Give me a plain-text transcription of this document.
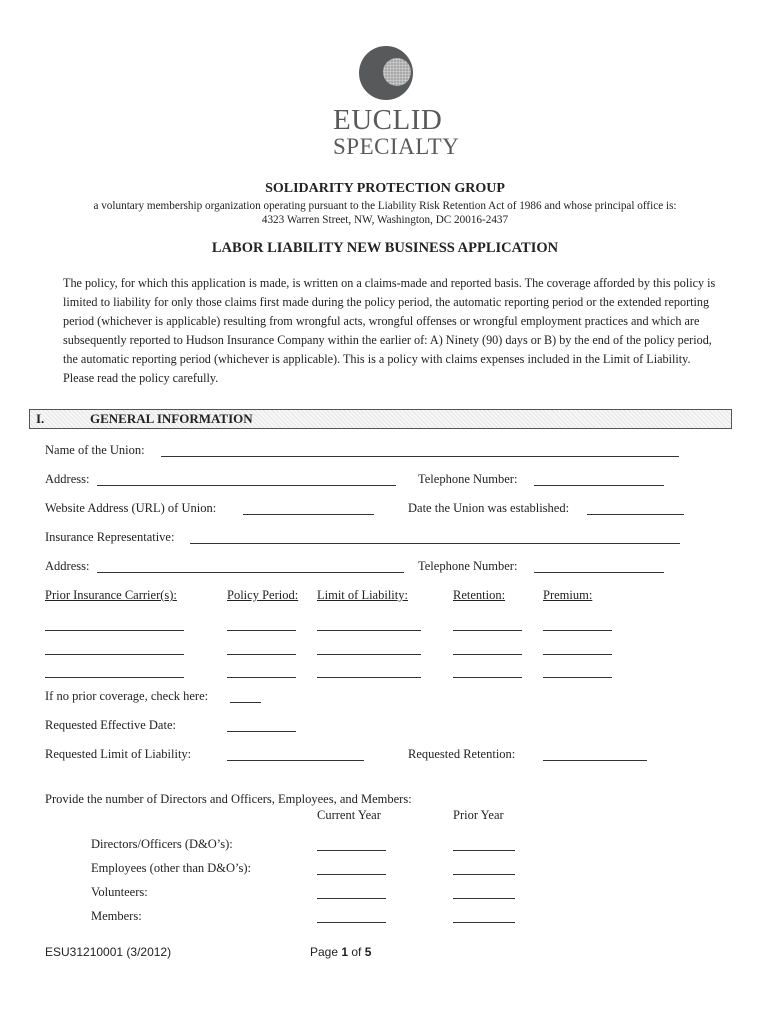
EUCLID
SPECIALTY
SOLIDARITY PROTECTION GROUP
a voluntary membership organization operating pursuant to the Liability Risk Retention Act of 1986 and whose principal office is:
4323 Warren Street, NW, Washington, DC 20016-2437
LABOR LIABILITY NEW BUSINESS APPLICATION
The policy, for which this application is made, is written on a claims-made and reported basis. The coverage afforded by this policy is limited to liability for only those claims first made during the policy period, the automatic reporting period or the extended reporting period (whichever is applicable) resulting from wrongful acts, wrongful offenses or wrongful employment practices and which are subsequently reported to Hudson Insurance Company within the earlier of: A) Ninety (90) days or B) by the end of the policy period, the automatic reporting period (whichever is applicable). This is a policy with claims expenses included in the Limit of Liability. Please read the policy carefully.
I.	GENERAL INFORMATION
Name of the Union:
Address:	Telephone Number:
Website Address (URL) of Union:	Date the Union was established:
Insurance Representative:
Address:	Telephone Number:
Prior Insurance Carrier(s):	Policy Period: Limit of Liability:	Retention:	Premium:
If no prior coverage, check here:
Requested Effective Date:
Requested Limit of Liability:	Requested Retention:
Provide the number of Directors and Officers, Employees, and Members:
Current Year	Prior Year
Directors/Officers (D&O’s):
Employees (other than D&O’s):
Volunteers:
Members:
ESU31210001 (3/2012)	Page 1 of 5
